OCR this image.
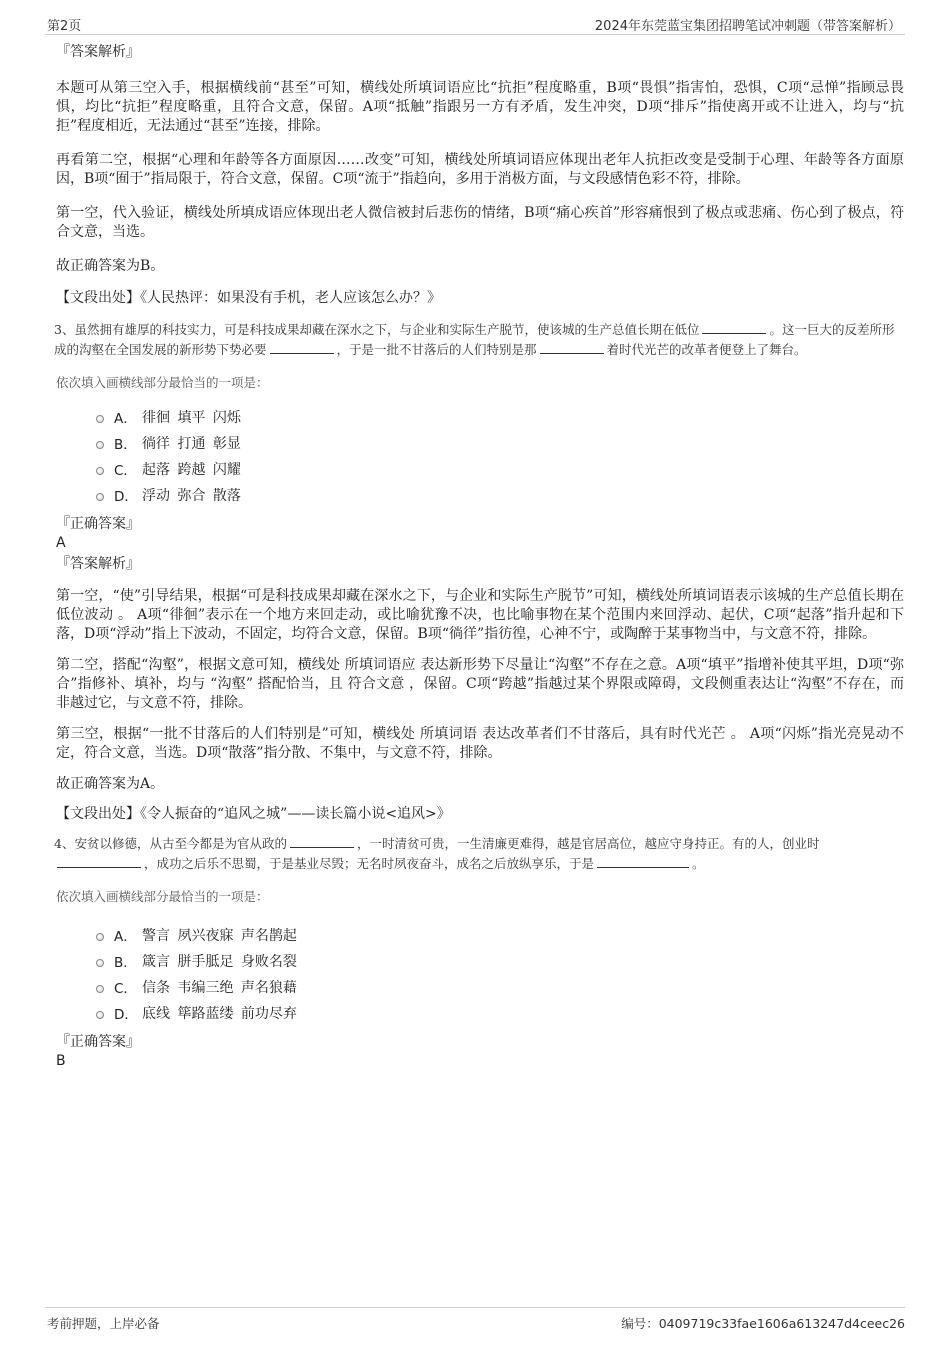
第2页	2024年东莞蓝宝集团招聘笔试冲刺题（带答案解析）
『答案解析』

本题可从第三空入手，根据横线前“甚至”可知，横线处所填词语应比“抗拒”程度略重，B项“畏惧”指害怕，恐惧，C项“忌惮”指顾忌畏惧，均比“抗拒”程度略重，且符合文意，保留。A项“抵触”指跟另一方有矛盾，发生冲突，D项“排斥”指使离开或不让进入，均与“抗拒”程度相近，无法通过“甚至”连接，排除。

再看第二空，根据“心理和年龄等各方面原因……改变”可知，横线处所填词语应体现出老年人抗拒改变是受制于心理、年龄等各方面原因，B项“囿于”指局限于，符合文意，保留。C项“流于”指趋向，多用于消极方面，与文段感情色彩不符，排除。

第一空，代入验证，横线处所填成语应体现出老人微信被封后悲伤的情绪，B项“痛心疾首”形容痛恨到了极点或悲痛、伤心到了极点，符合文意，当选。

故正确答案为B。

【文段出处】《人民热评：如果没有手机，老人应该怎么办？》

3、虽然拥有雄厚的科技实力，可是科技成果却藏在深水之下，与企业和实际生产脱节，使该城的生产总值长期在低位	。这一巨大的反差所形成的沟壑在全国发展的新形势下势必要	，于是一批不甘落后的人们特别是那	着时代光芒的改革者便登上了舞台。

依次填入画横线部分最恰当的一项是：
A． 徘徊 填平 闪烁
B． 徜徉 打通 彰显
C． 起落 跨越 闪耀
D． 浮动 弥合 散落
『正确答案』
A
『答案解析』

第一空，“使”引导结果，根据“可是科技成果却藏在深水之下，与企业和实际生产脱节”可知，横线处所填词语表示该城的生产总值长期在低位波动 。 A项“徘徊”表示在一个地方来回走动，或比喻犹豫不决，也比喻事物在某个范围内来回浮动、起伏，C项“起落”指升起和下落，D项“浮动”指上下波动，不固定，均符合文意，保留。B项“徜徉”指彷徨，心神不宁，或陶醉于某事物当中，与文意不符，排除。

第二空，搭配“沟壑”，根据文意可知，横线处 所填词语应 表达新形势下尽量让“沟壑”不存在之意。A项“填平”指增补使其平坦，D项“弥合”指修补、填补，均与 “沟壑” 搭配恰当，且 符合文意 ，保留。C项“跨越”指越过某个界限或障碍，文段侧重表达让“沟壑”不存在，而非越过它，与文意不符，排除。

第三空，根据“一批不甘落后的人们特别是”可知，横线处 所填词语 表达改革者们不甘落后，具有时代光芒 。 A项“闪烁”指光亮晃动不定，符合文意，当选。D项“散落”指分散、不集中，与文意不符，排除。

故正确答案为A。

【文段出处】《令人振奋的“追风之城”——读长篇小说<追风>》

4、安贫以修德，从古至今都是为官从政的	，一时清贫可贵，一生清廉更难得，越是官居高位，越应守身持正。有的人，创业时，成功之后乐不思蜀，于是基业尽毁；无名时夙夜奋斗，成名之后放纵享乐，于是	。

依次填入画横线部分最恰当的一项是：
A． 警言 夙兴夜寐 声名鹊起
B． 箴言 胼手胝足 身败名裂
C． 信条 韦编三绝 声名狼藉
D． 底线 筚路蓝缕 前功尽弃
『正确答案』
B
考前押题，上岸必备	编号：0409719c33fae1606a613247d4ceec26
